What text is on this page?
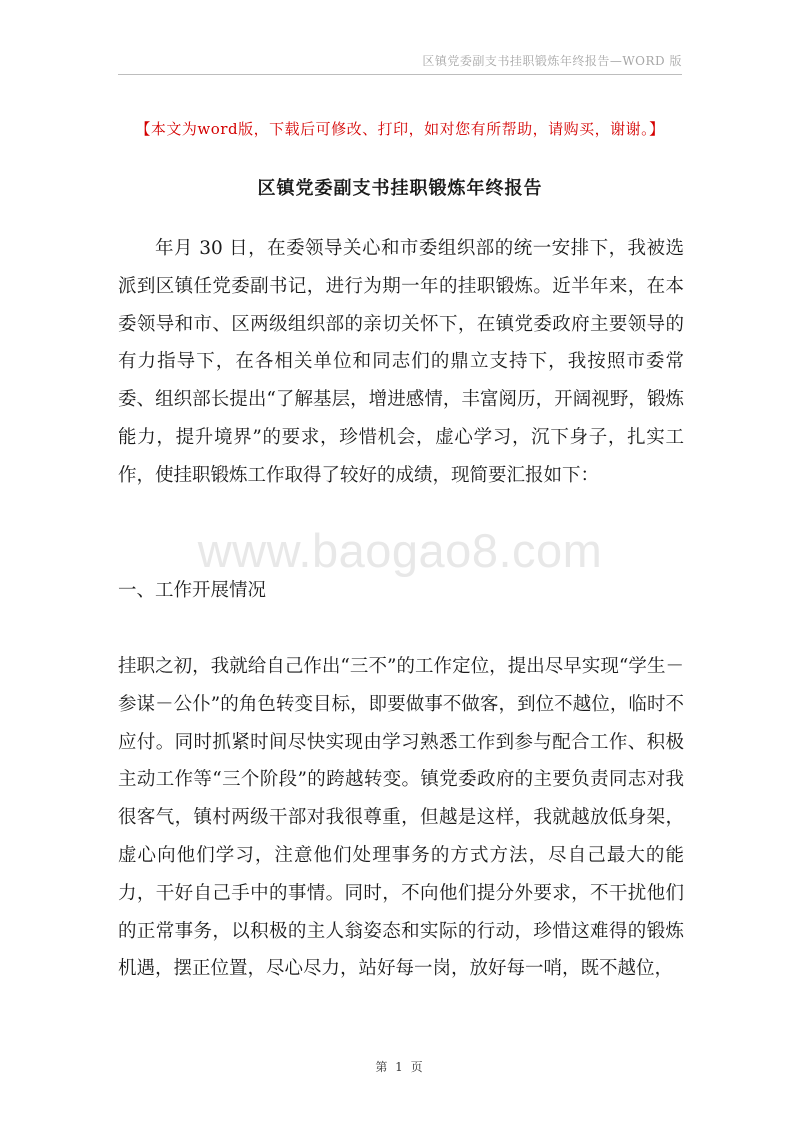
区镇党委副支书挂职锻炼年终报告—WORD 版
【本文为word版，下载后可修改、打印，如对您有所帮助，请购买，谢谢。】
区镇党委副支书挂职锻炼年终报告

年月 30 日，在委领导关心和市委组织部的统一安排下，我被选派到区镇任党委副书记，进行为期一年的挂职锻炼。近半年来，在本委领导和市、区两级组织部的亲切关怀下，在镇党委政府主要领导的有力指导下，在各相关单位和同志们的鼎立支持下，我按照市委常委、组织部长提出“了解基层，增进感情，丰富阅历，开阔视野，锻炼能力，提升境界”的要求，珍惜机会，虚心学习，沉下身子，扎实工作，使挂职锻炼工作取得了较好的成绩，现简要汇报如下：

www.baogao8.com
一、工作开展情况

挂职之初，我就给自己作出“三不”的工作定位，提出尽早实现“学生－参谋－公仆”的角色转变目标，即要做事不做客，到位不越位，临时不应付。同时抓紧时间尽快实现由学习熟悉工作到参与配合工作、积极主动工作等“三个阶段”的跨越转变。镇党委政府的主要负责同志对我很客气，镇村两级干部对我很尊重，但越是这样，我就越放低身架，虚心向他们学习，注意他们处理事务的方式方法，尽自己最大的能力，干好自己手中的事情。同时，不向他们提分外要求，不干扰他们的正常事务，以积极的主人翁姿态和实际的行动，珍惜这难得的锻炼机遇，摆正位置，尽心尽力，站好每一岗，放好每一哨，既不越位，

第 1 页
